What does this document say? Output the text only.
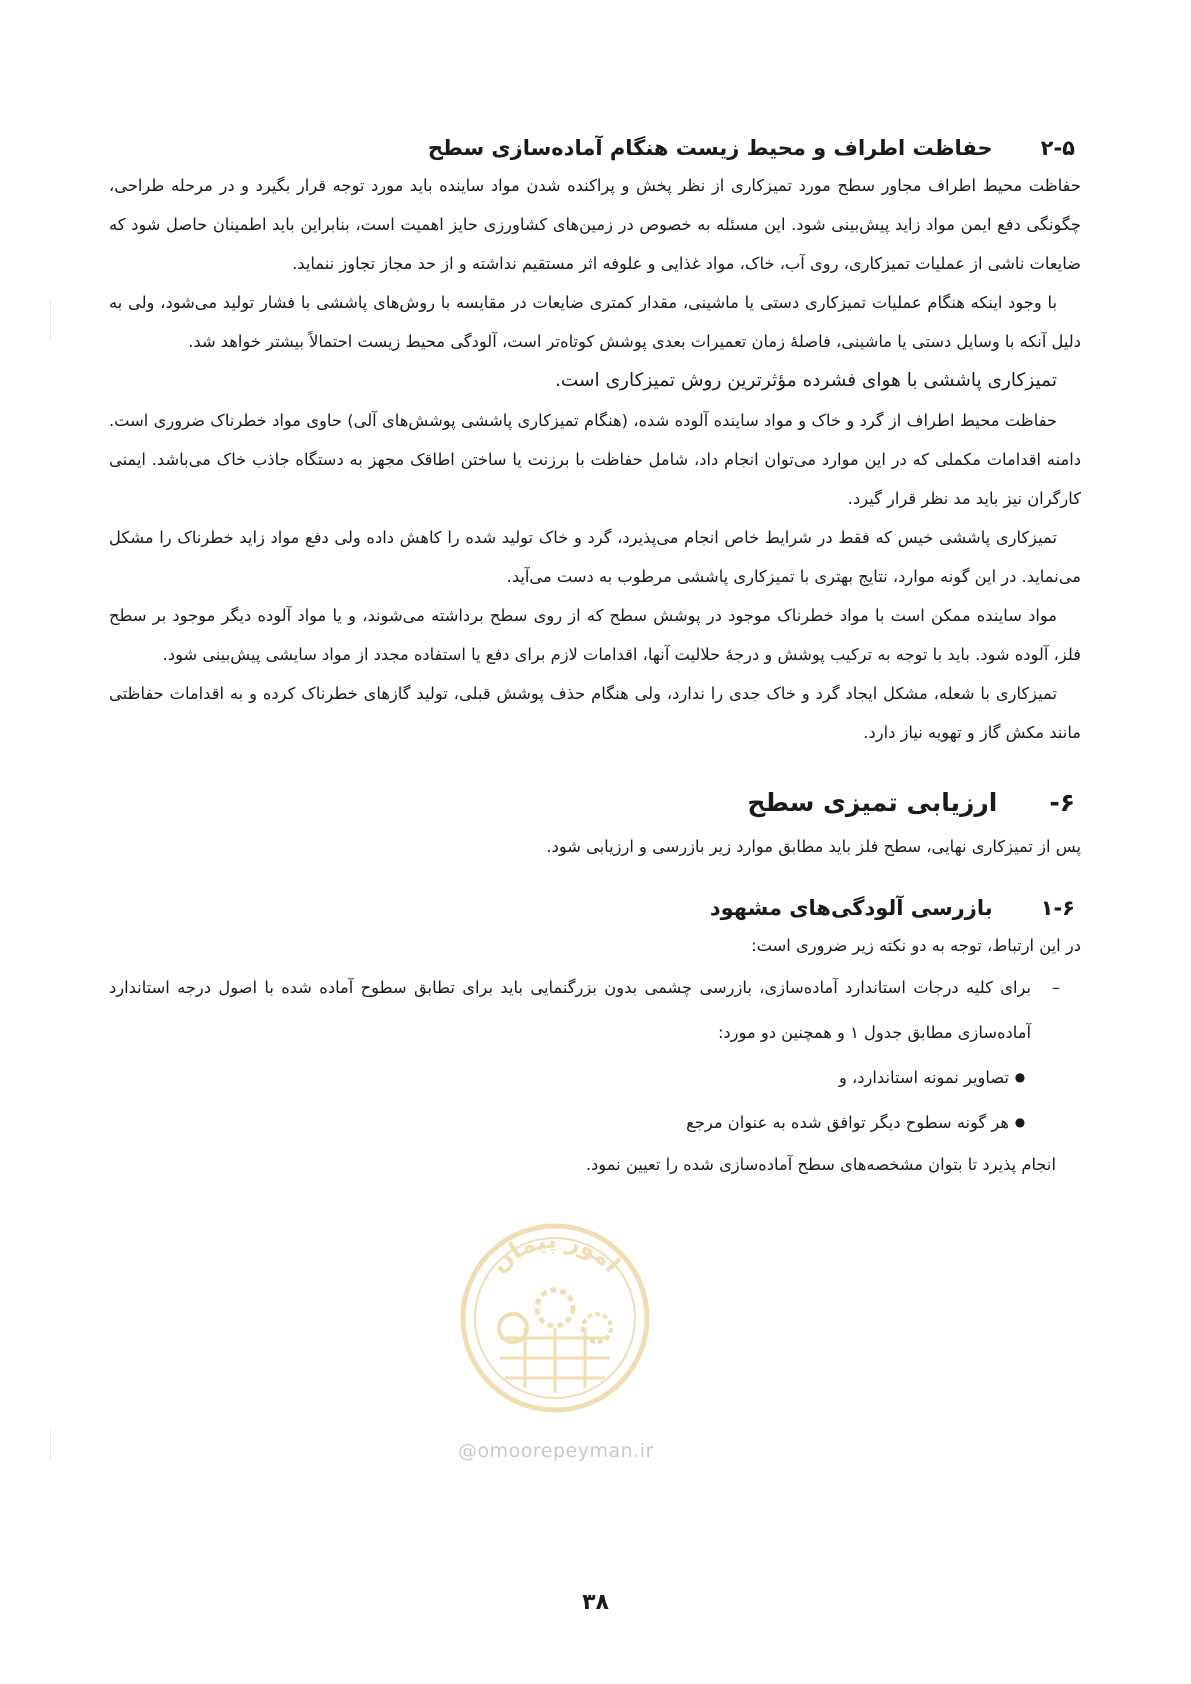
۲-۵
حفاظت اطراف و محیط زیست هنگام آماده‌سازی سطح

حفاظت محیط اطراف مجاور سطح مورد تمیزکاری از نظر پخش و پراکنده شدن مواد ساینده باید مورد توجه قرار بگیرد و در مرحله طراحی، چگونگی دفع ایمن مواد زاید پیش‌بینی شود. این مسئله به خصوص در زمین‌های کشاورزی حایز اهمیت است، بنابراین باید اطمینان حاصل شود که ضایعات ناشی از عملیات تمیزکاری، روی آب، خاک، مواد غذایی و علوفه اثر مستقیم نداشته و از حد مجاز تجاوز ننماید.

با وجود اینکه هنگام عملیات تمیزکاری دستی یا ماشینی، مقدار کمتری ضایعات در مقایسه با روش‌های پاششی با فشار تولید می‌شود، ولی به دلیل آنکه با وسایل دستی یا ماشینی، فاصلهٔ زمان تعمیرات بعدی پوشش کوتاه‌تر است، آلودگی محیط زیست احتمالاً بیشتر خواهد شد.

تمیزکاری پاششی با هوای فشرده مؤثرترین روش تمیزکاری است.

حفاظت محیط اطراف از گرد و خاک و مواد ساینده آلوده شده، (هنگام تمیزکاری پاششی پوشش‌های آلی) حاوی مواد خطرناک ضروری است. دامنه اقدامات مکملی که در این موارد می‌توان انجام داد، شامل حفاظت با برزنت یا ساختن اطاقک مجهز به دستگاه جاذب خاک می‌باشد. ایمنی کارگران نیز باید مد نظر قرار گیرد.

تمیزکاری پاششی خیس که فقط در شرایط خاص انجام می‌پذیرد، گرد و خاک تولید شده را کاهش داده ولی دفع مواد زاید خطرناک را مشکل می‌نماید. در این گونه موارد، نتایج بهتری با تمیزکاری پاششی مرطوب به دست می‌آید.

مواد ساینده ممکن است با مواد خطرناک موجود در پوشش سطح که از روی سطح برداشته می‌شوند، و یا مواد آلوده دیگر موجود بر سطح فلز، آلوده شود. باید با توجه به ترکیب پوشش و درجهٔ حلالیت آنها، اقدامات لازم برای دفع یا استفاده مجدد از مواد سایشی پیش‌بینی شود.

تمیزکاری با شعله، مشکل ایجاد گرد و خاک جدی را ندارد، ولی هنگام حذف پوشش قبلی، تولید گازهای خطرناک کرده و به اقدامات حفاظتی مانند مکش گاز و تهویه نیاز دارد.

۶-
ارزیابی تمیزی سطح

پس از تمیزکاری نهایی، سطح فلز باید مطابق موارد زیر بازرسی و ارزیابی شود.

۱-۶
بازرسی آلودگی‌های مشهود

در این ارتباط، توجه به دو نکته زیر ضروری است:

–
برای کلیه درجات استاندارد آماده‌سازی، بازرسی چشمی بدون بزرگنمایی باید برای تطابق سطوح آماده شده با اصول درجه استاندارد آماده‌سازی مطابق جدول ۱ و همچنین دو مورد:
●
تصاویر نمونه استاندارد، و
●
هر گونه سطوح دیگر توافق شده به عنوان مرجع

انجام پذیرد تا بتوان مشخصه‌های سطح آماده‌سازی شده را تعیین نمود.

امور پیمان
@omoorepeyman.ir
۳۸
